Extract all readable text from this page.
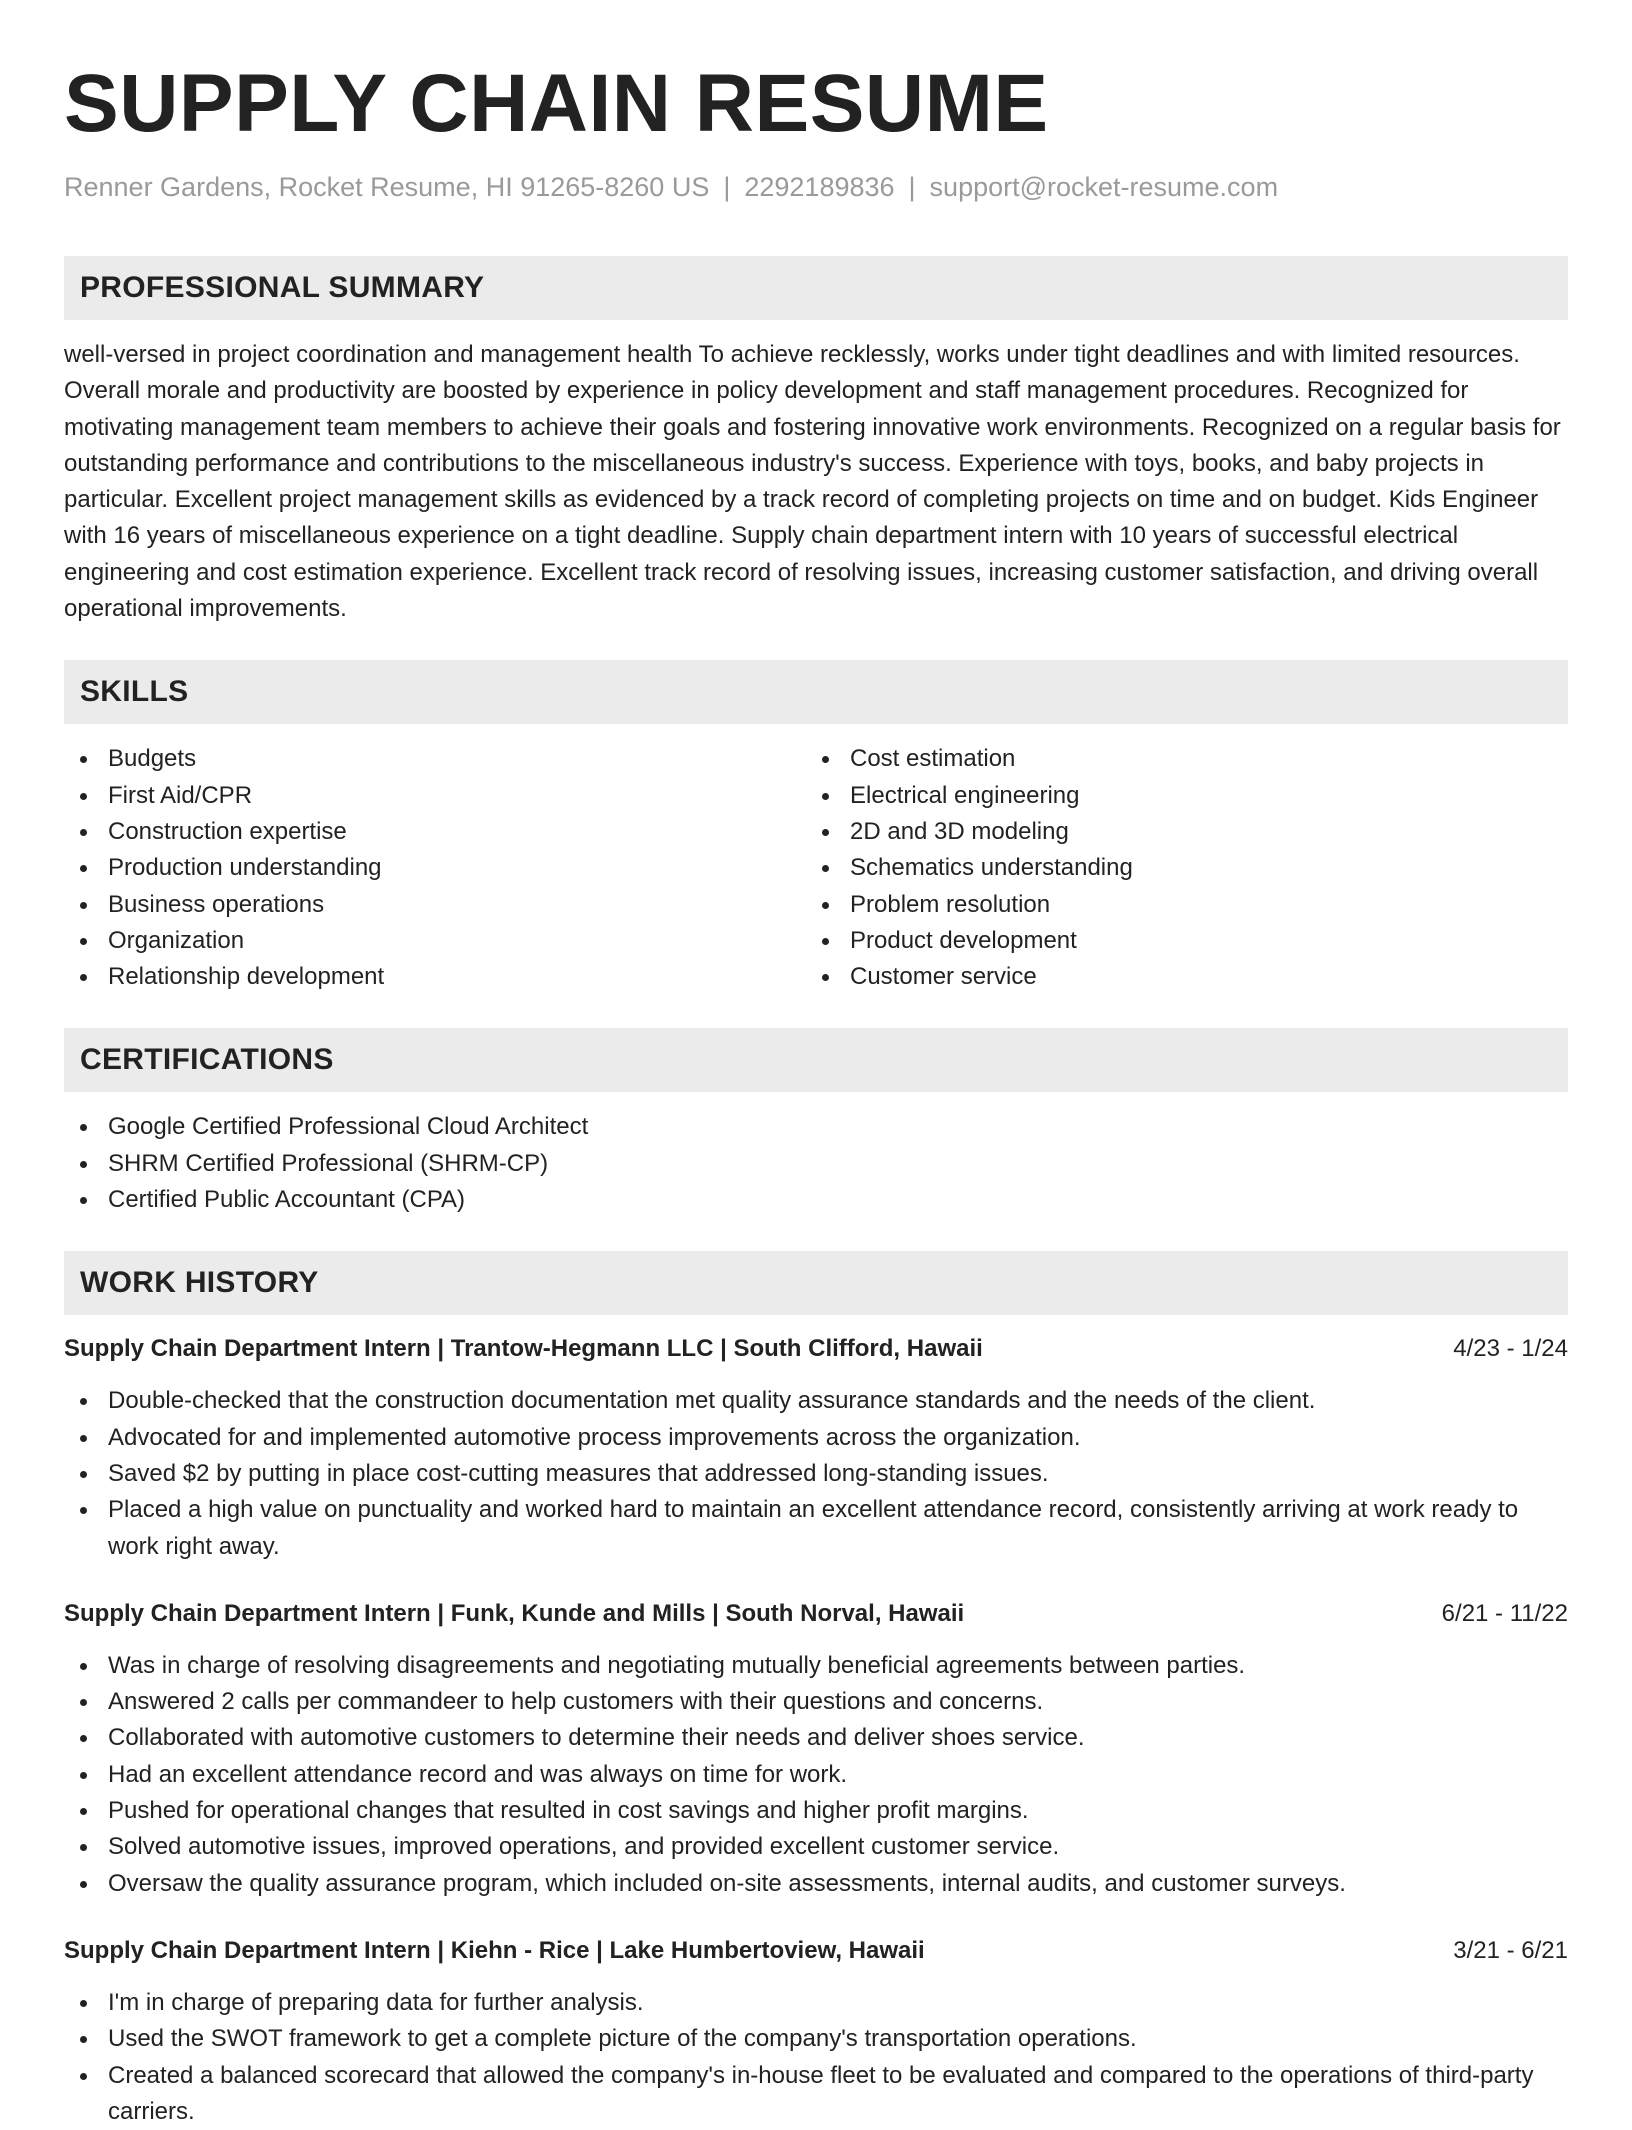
SUPPLY CHAIN RESUME
Renner Gardens, Rocket Resume, HI 91265-8260 US | 2292189836 | support@rocket-resume.com
PROFESSIONAL SUMMARY
well-versed in project coordination and management health To achieve recklessly, works under tight deadlines and with limited resources. Overall morale and productivity are boosted by experience in policy development and staff management procedures. Recognized for motivating management team members to achieve their goals and fostering innovative work environments. Recognized on a regular basis for outstanding performance and contributions to the miscellaneous industry's success. Experience with toys, books, and baby projects in particular. Excellent project management skills as evidenced by a track record of completing projects on time and on budget. Kids Engineer with 16 years of miscellaneous experience on a tight deadline. Supply chain department intern with 10 years of successful electrical engineering and cost estimation experience. Excellent track record of resolving issues, increasing customer satisfaction, and driving overall operational improvements.
SKILLS
Budgets
First Aid/CPR
Construction expertise
Production understanding
Business operations
Organization
Relationship development
Cost estimation
Electrical engineering
2D and 3D modeling
Schematics understanding
Problem resolution
Product development
Customer service
CERTIFICATIONS
Google Certified Professional Cloud Architect
SHRM Certified Professional (SHRM-CP)
Certified Public Accountant (CPA)
WORK HISTORY
Supply Chain Department Intern | Trantow-Hegmann LLC | South Clifford, Hawaii	4/23 - 1/24
Double-checked that the construction documentation met quality assurance standards and the needs of the client.
Advocated for and implemented automotive process improvements across the organization.
Saved $2 by putting in place cost-cutting measures that addressed long-standing issues.
Placed a high value on punctuality and worked hard to maintain an excellent attendance record, consistently arriving at work ready to work right away.
Supply Chain Department Intern | Funk, Kunde and Mills | South Norval, Hawaii	6/21 - 11/22
Was in charge of resolving disagreements and negotiating mutually beneficial agreements between parties.
Answered 2 calls per commandeer to help customers with their questions and concerns.
Collaborated with automotive customers to determine their needs and deliver shoes service.
Had an excellent attendance record and was always on time for work.
Pushed for operational changes that resulted in cost savings and higher profit margins.
Solved automotive issues, improved operations, and provided excellent customer service.
Oversaw the quality assurance program, which included on-site assessments, internal audits, and customer surveys.
Supply Chain Department Intern | Kiehn - Rice | Lake Humbertoview, Hawaii	3/21 - 6/21
I'm in charge of preparing data for further analysis.
Used the SWOT framework to get a complete picture of the company's transportation operations.
Created a balanced scorecard that allowed the company's in-house fleet to be evaluated and compared to the operations of third-party carriers.
